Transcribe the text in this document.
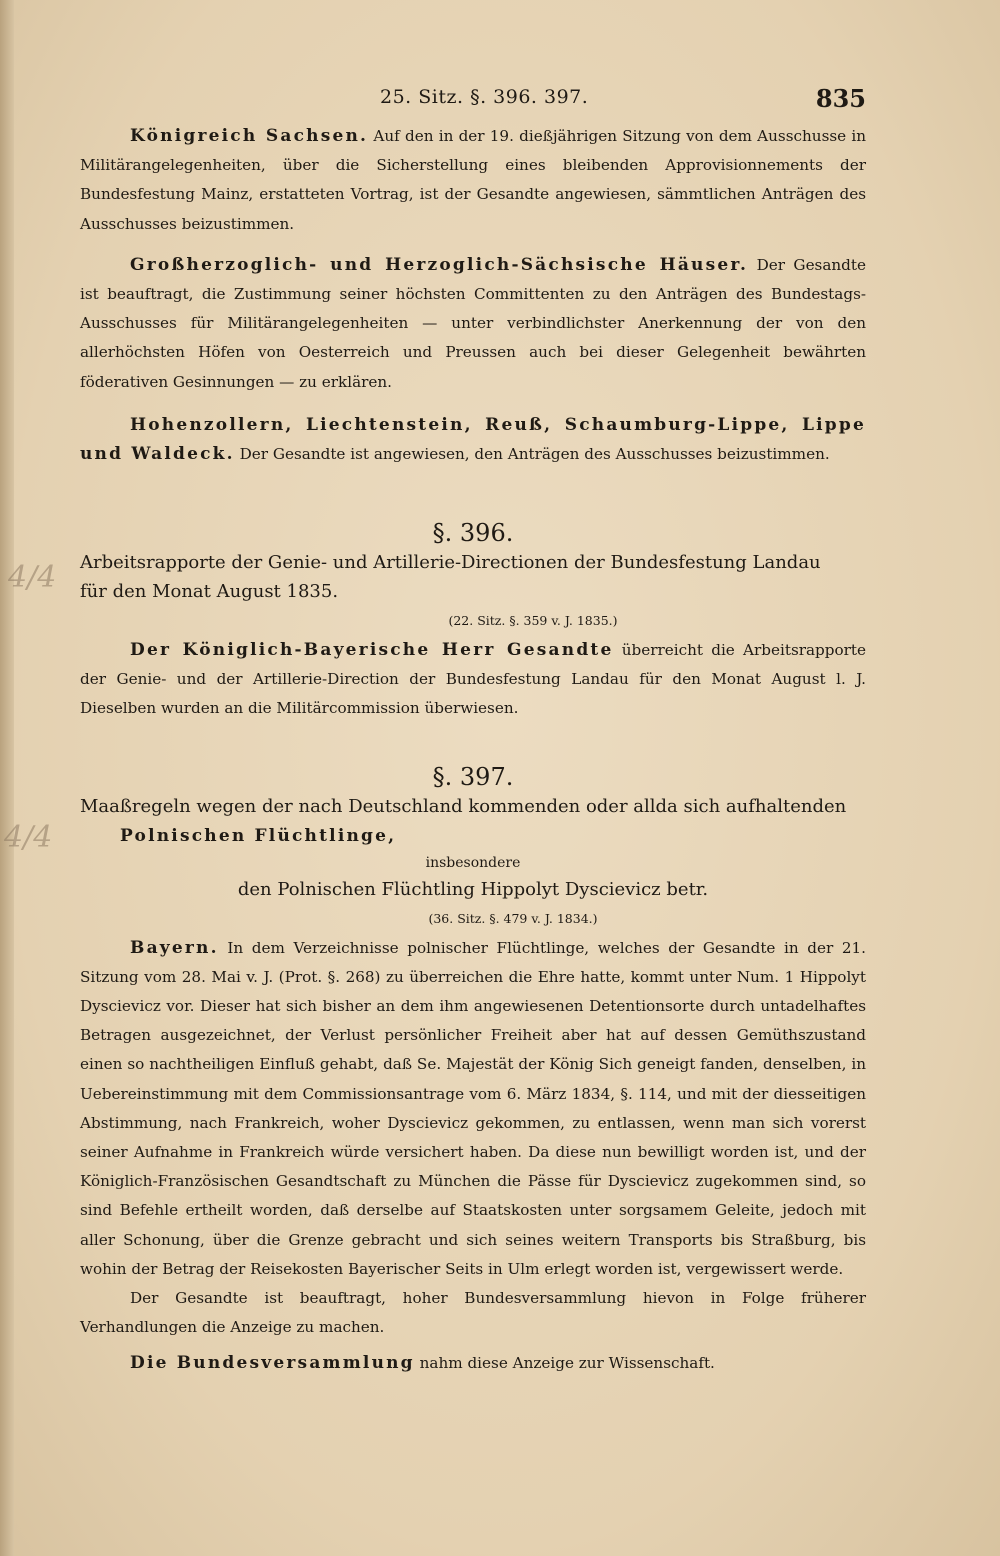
25. Sitz. §. 396. 397.	835
4/4
4/4

Königreich Sachsen. Auf den in der 19. dießjährigen Sitzung von dem Ausschusse in Militärangelegenheiten, über die Sicherstellung eines bleibenden Approvisionnements der Bundesfestung Mainz, erstatteten Vortrag, ist der Gesandte angewiesen, sämmtlichen Anträgen des Ausschusses beizustimmen.

Großherzoglich- und Herzoglich-Sächsische Häuser. Der Gesandte ist beauftragt, die Zustimmung seiner höchsten Committenten zu den Anträgen des Bundestags-Ausschusses für Militärangelegenheiten — unter verbindlichster Anerkennung der von den allerhöchsten Höfen von Oesterreich und Preussen auch bei dieser Gelegenheit bewährten föderativen Gesinnungen — zu erklären.

Hohenzollern, Liechtenstein, Reuß, Schaumburg-Lippe, Lippe und Waldeck. Der Gesandte ist angewiesen, den Anträgen des Ausschusses beizustimmen.

§. 396.

Arbeitsrapporte der Genie- und Artillerie-Directionen der Bundesfestung Landau für den Monat August 1835.

(22. Sitz. §. 359 v. J. 1835.)

Der Königlich-Bayerische Herr Gesandte überreicht die Arbeitsrapporte der Genie- und der Artillerie-Direction der Bundesfestung Landau für den Monat August l. J. Dieselben wurden an die Militärcommission überwiesen.

§. 397.

Maaßregeln wegen der nach Deutschland kommenden oder allda sich aufhaltenden

Polnischen Flüchtlinge,

insbesondere

den Polnischen Flüchtling Hippolyt Dyscievicz betr.

(36. Sitz. §. 479 v. J. 1834.)

Bayern. In dem Verzeichnisse polnischer Flüchtlinge, welches der Gesandte in der 21. Sitzung vom 28. Mai v. J. (Prot. §. 268) zu überreichen die Ehre hatte, kommt unter Num. 1 Hippolyt Dyscievicz vor. Dieser hat sich bisher an dem ihm angewiesenen Detentionsorte durch untadelhaftes Betragen ausgezeichnet, der Verlust persönlicher Freiheit aber hat auf dessen Gemüthszustand einen so nachtheiligen Einfluß gehabt, daß Se. Majestät der König Sich geneigt fanden, denselben, in Uebereinstimmung mit dem Commissionsantrage vom 6. März 1834, §. 114, und mit der diesseitigen Abstimmung, nach Frankreich, woher Dyscievicz gekommen, zu entlassen, wenn man sich vorerst seiner Aufnahme in Frankreich würde versichert haben. Da diese nun bewilligt worden ist, und der Königlich-Französischen Gesandtschaft zu München die Pässe für Dyscievicz zugekommen sind, so sind Befehle ertheilt worden, daß derselbe auf Staatskosten unter sorgsamem Geleite, jedoch mit aller Schonung, über die Grenze gebracht und sich seines weitern Transports bis Straßburg, bis wohin der Betrag der Reisekosten Bayerischer Seits in Ulm erlegt worden ist, vergewissert werde.

Der Gesandte ist beauftragt, hoher Bundesversammlung hievon in Folge früherer Verhandlungen die Anzeige zu machen.

Die Bundesversammlung nahm diese Anzeige zur Wissenschaft.
